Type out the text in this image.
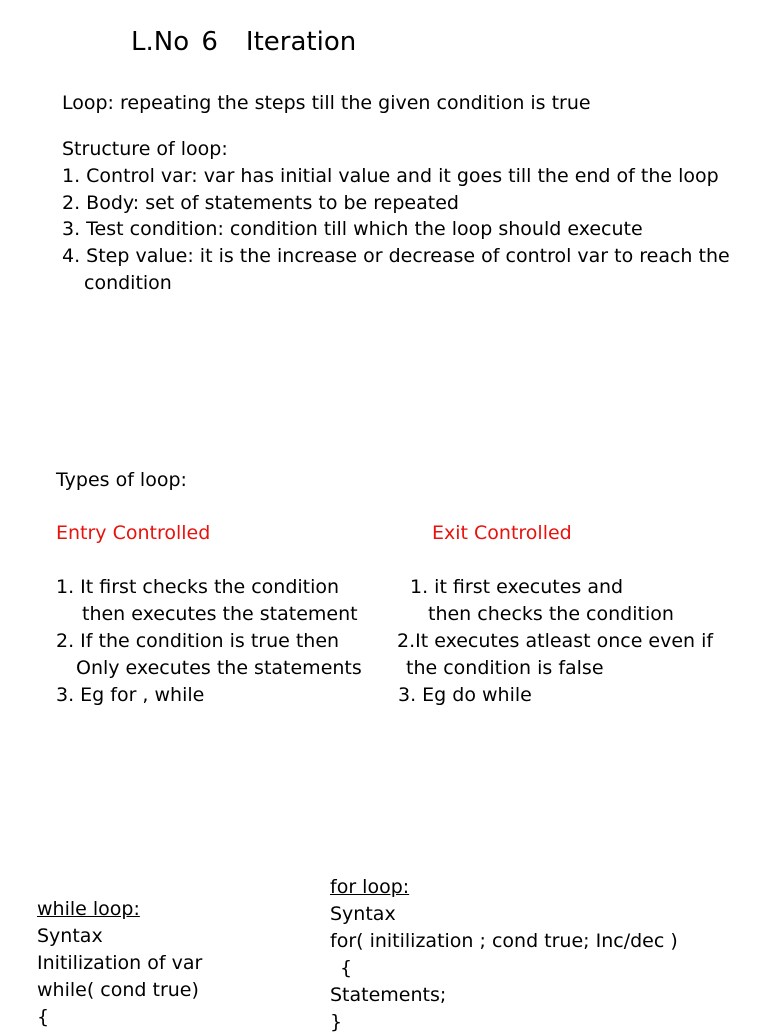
L.No 6 Iteration

Loop: repeating the steps till the given condition is true

Structure of loop:

1. Control var: var has initial value and it goes till the end of the loop

2. Body: set of statements to be repeated

3. Test condition: condition till which the loop should execute

4. Step value: it is the increase or decrease of control var to reach the

condition

Types of loop:

Entry Controlled

1. It first checks the condition

then executes the statement

2. If the condition is true then

Only executes the statements

3. Eg for , while

Exit Controlled

1. it first executes and

then checks the condition

2.It executes atleast once even if

the condition is false

3. Eg do while

while loop:

Syntax

Initilization of var

while( cond true)

{

for loop:

Syntax

for( initilization ; cond true; Inc/dec )

{

Statements;

}
